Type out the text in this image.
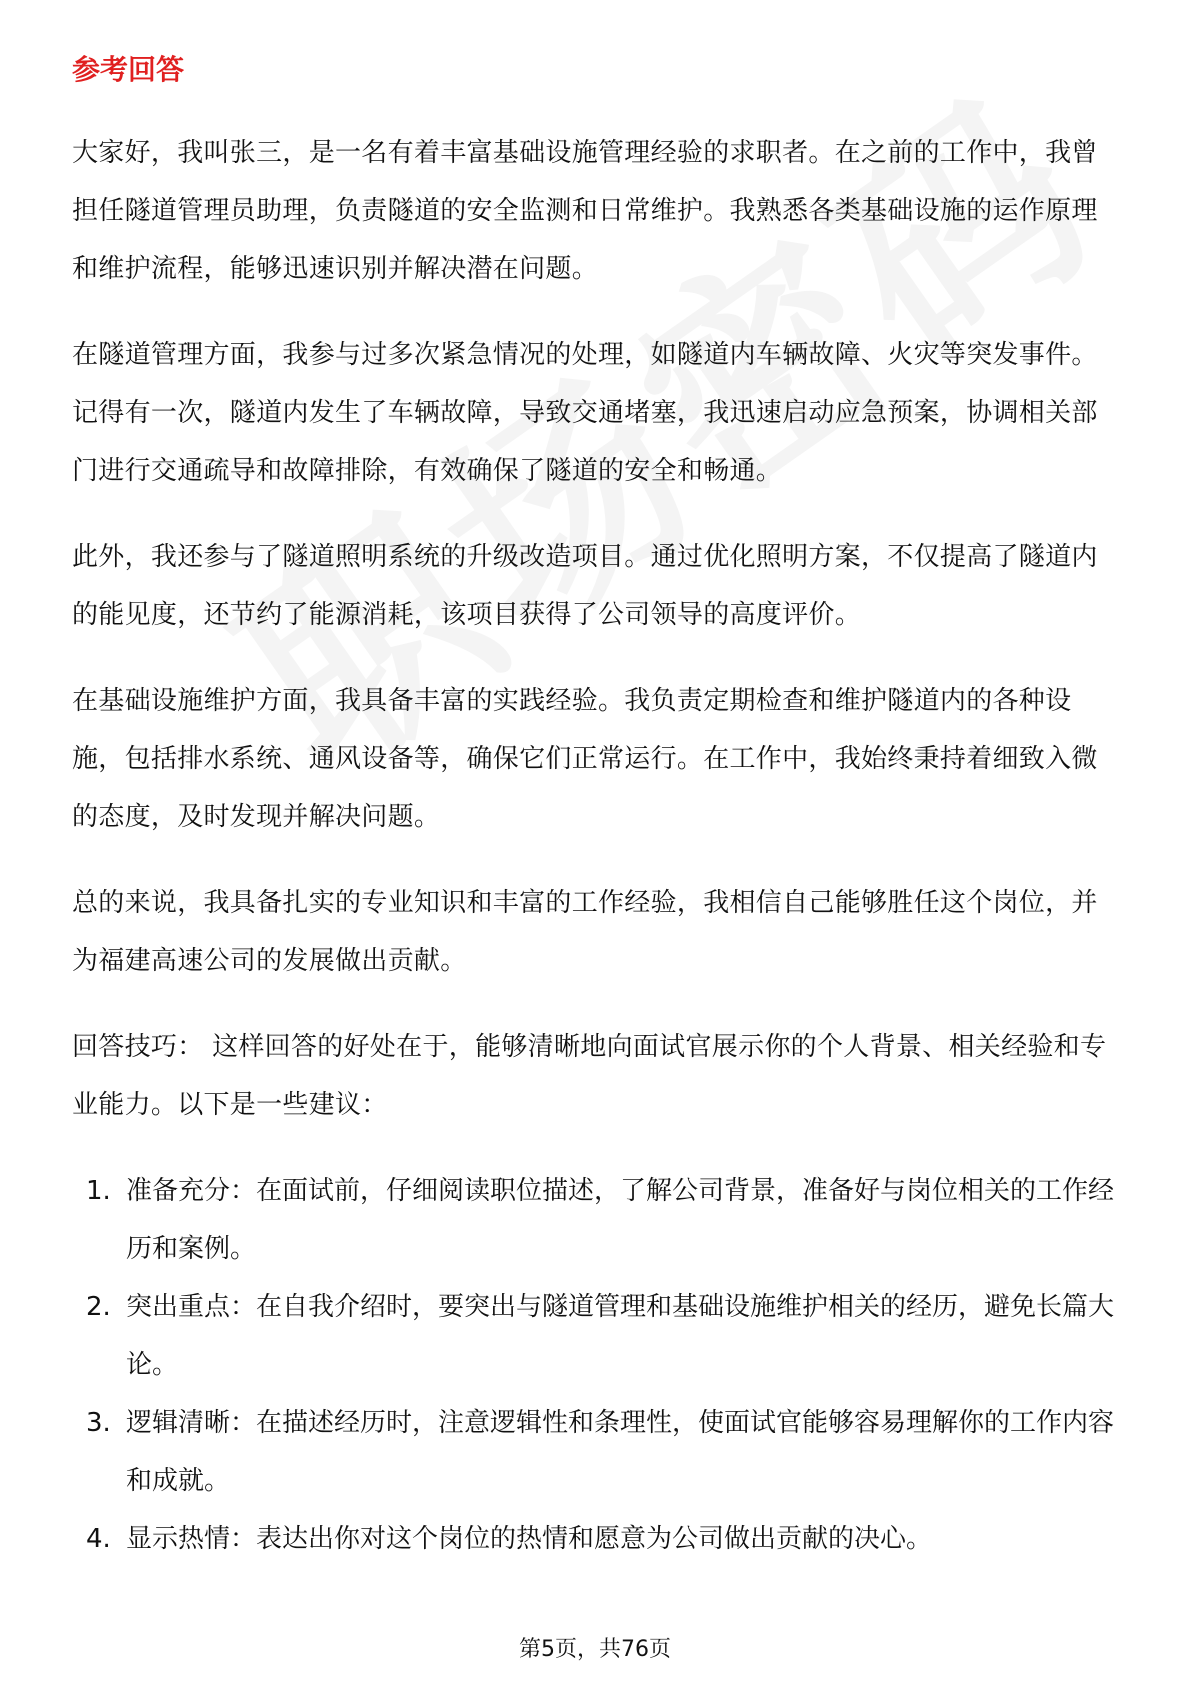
参考回答

大家好，我叫张三，是一名有着丰富基础设施管理经验的求职者。在之前的工作中，我曾担任隧道管理员助理，负责隧道的安全监测和日常维护。我熟悉各类基础设施的运作原理和维护流程，能够迅速识别并解决潜在问题。

在隧道管理方面，我参与过多次紧急情况的处理，如隧道内车辆故障、火灾等突发事件。记得有一次，隧道内发生了车辆故障，导致交通堵塞，我迅速启动应急预案，协调相关部门进行交通疏导和故障排除，有效确保了隧道的安全和畅通。

此外，我还参与了隧道照明系统的升级改造项目。通过优化照明方案，不仅提高了隧道内的能见度，还节约了能源消耗，该项目获得了公司领导的高度评价。

在基础设施维护方面，我具备丰富的实践经验。我负责定期检查和维护隧道内的各种设施，包括排水系统、通风设备等，确保它们正常运行。在工作中，我始终秉持着细致入微的态度，及时发现并解决问题。

总的来说，我具备扎实的专业知识和丰富的工作经验，我相信自己能够胜任这个岗位，并为福建高速公司的发展做出贡献。

回答技巧： 这样回答的好处在于，能够清晰地向面试官展示你的个人背景、相关经验和专业能力。以下是一些建议：

1. 准备充分：在面试前，仔细阅读职位描述，了解公司背景，准备好与岗位相关的工作经历和案例。
2. 突出重点：在自我介绍时，要突出与隧道管理和基础设施维护相关的经历，避免长篇大论。
3. 逻辑清晰：在描述经历时，注意逻辑性和条理性，使面试官能够容易理解你的工作内容和成就。
4. 显示热情：表达出你对这个岗位的热情和愿意为公司做出贡献的决心。
第5页，共76页
